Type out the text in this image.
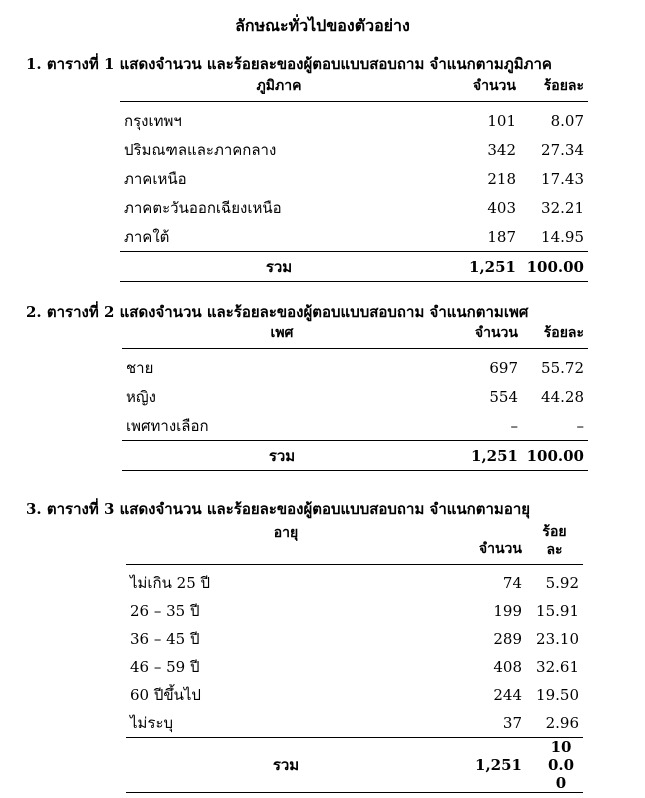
ลักษณะทั่วไปของตัวอย่าง
1. ตารางที่ 1 แสดงจำนวน และร้อยละของผู้ตอบแบบสอบถาม จำแนกตามภูมิภาค
ภูมิภาค	จำนวน	ร้อยละ
กรุงเทพฯ	101	8.07
ปริมณฑลและภาคกลาง	342	27.34
ภาคเหนือ	218	17.43
ภาคตะวันออกเฉียงเหนือ	403	32.21
ภาคใต้	187	14.95
รวม	1,251	100.00
2. ตารางที่ 2 แสดงจำนวน และร้อยละของผู้ตอบแบบสอบถาม จำแนกตามเพศ
เพศ	จำนวน	ร้อยละ
ชาย	697	55.72
หญิง	554	44.28
เพศทางเลือก	–	–
รวม	1,251	100.00
3. ตารางที่ 3 แสดงจำนวน และร้อยละของผู้ตอบแบบสอบถาม จำแนกตามอายุ
อายุ	จำนวน	ร้อยละ
ไม่เกิน 25 ปี	74	5.92
26 – 35 ปี	199	15.91
36 – 45 ปี	289	23.10
46 – 59 ปี	408	32.61
60 ปีขึ้นไป	244	19.50
ไม่ระบุ	37	2.96
รวม	1,251	100.00
